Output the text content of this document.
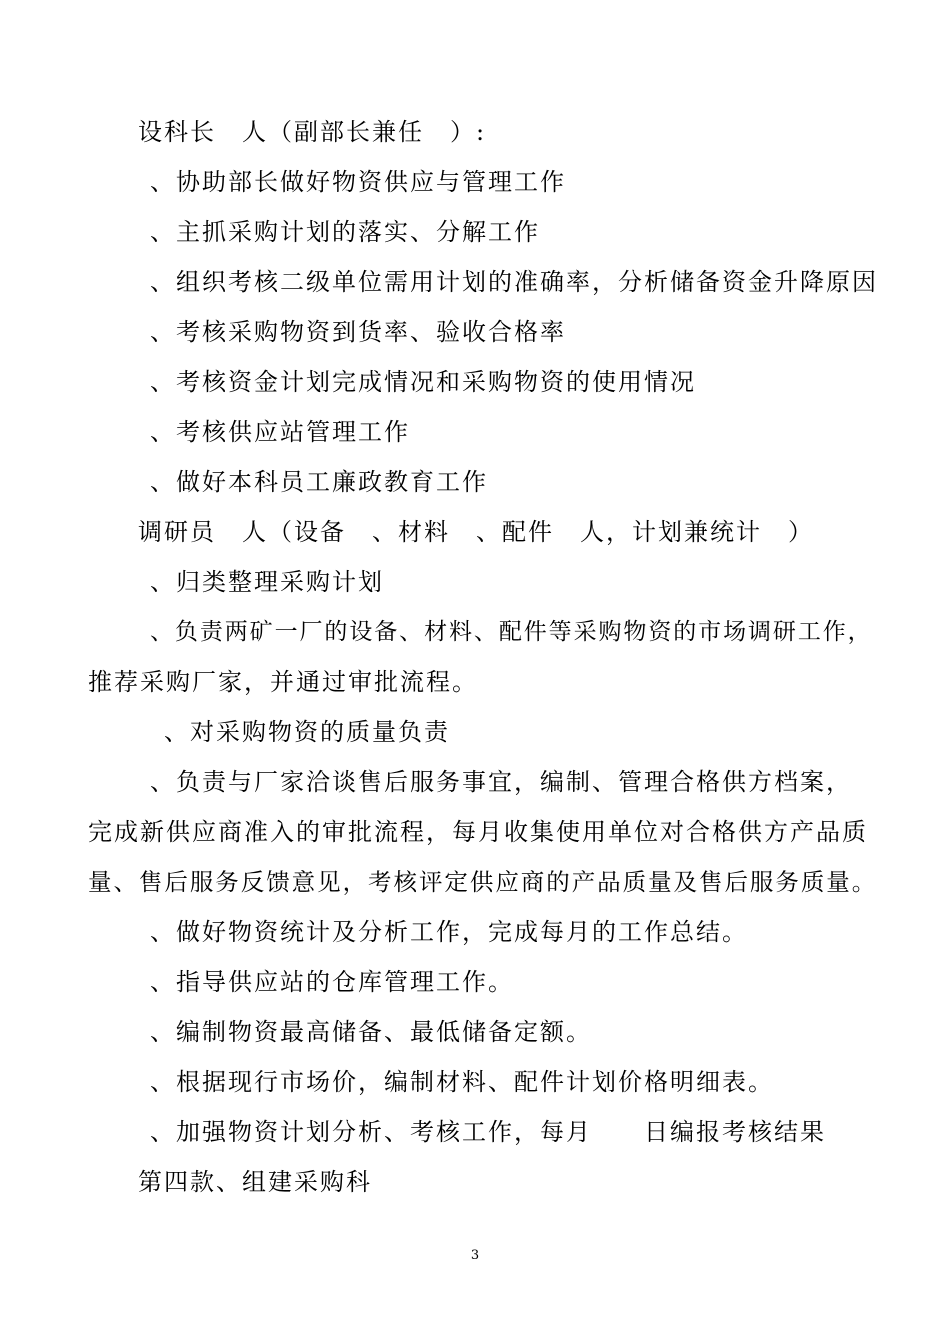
设科长　人（副部长兼任　）:
、协助部长做好物资供应与管理工作
、主抓采购计划的落实、分解工作
、组织考核二级单位需用计划的准确率，分析储备资金升降原因
、考核采购物资到货率、验收合格率
、考核资金计划完成情况和采购物资的使用情况
、考核供应站管理工作
、做好本科员工廉政教育工作
调研员　人（设备　、材料　、配件　人，计划兼统计　）
、归类整理采购计划
、负责两矿一厂的设备、材料、配件等采购物资的市场调研工作，
推荐采购厂家，并通过审批流程。
、对采购物资的质量负责
、负责与厂家洽谈售后服务事宜，编制、管理合格供方档案，
完成新供应商准入的审批流程，每月收集使用单位对合格供方产品质
量、售后服务反馈意见，考核评定供应商的产品质量及售后服务质量。
、做好物资统计及分析工作，完成每月的工作总结。
、指导供应站的仓库管理工作。
、编制物资最高储备、最低储备定额。
、根据现行市场价，编制材料、配件计划价格明细表。
、加强物资计划分析、考核工作，每月　　日编报考核结果
第四款、组建采购科
3
